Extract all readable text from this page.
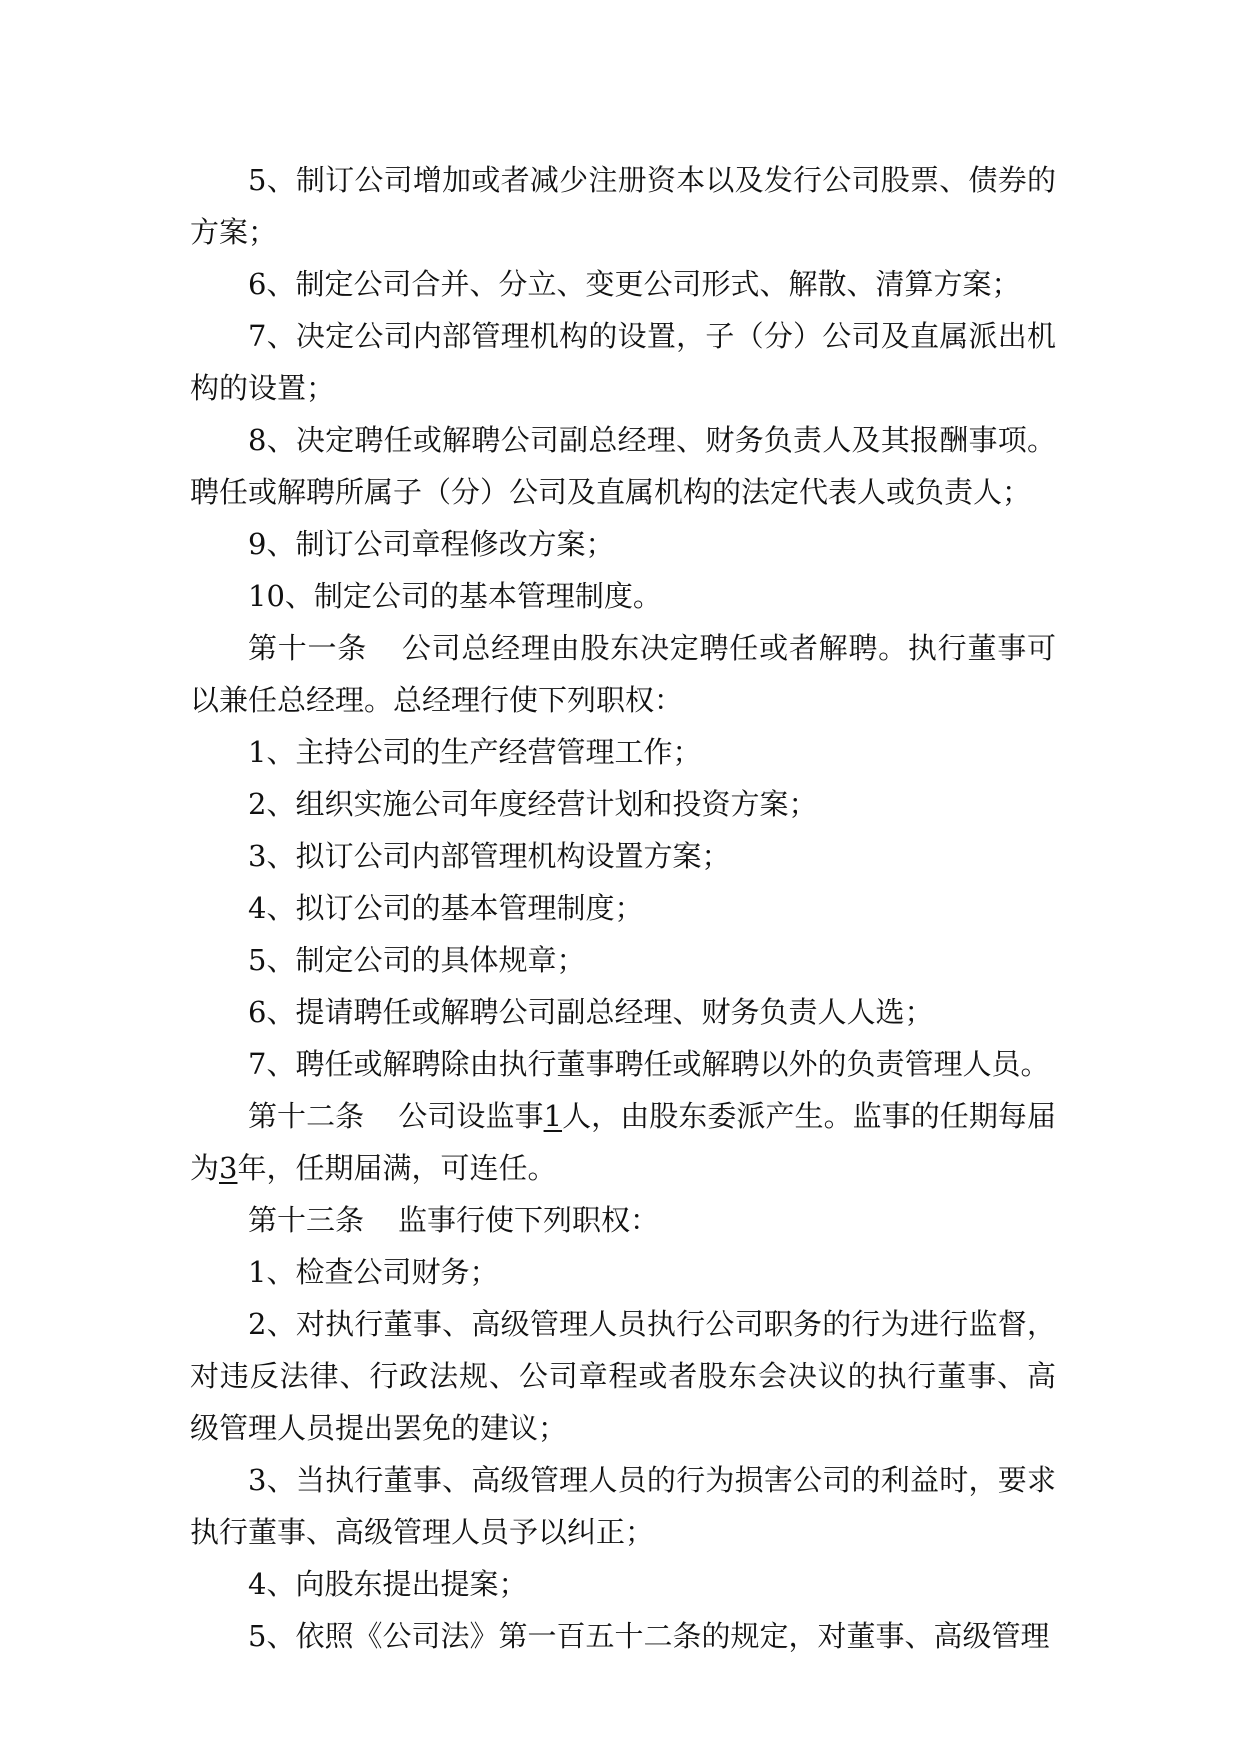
5、制订公司增加或者减少注册资本以及发行公司股票、债券的方案；

6、制定公司合并、分立、变更公司形式、解散、清算方案；

7、决定公司内部管理机构的设置，子（分）公司及直属派出机构的设置；

8、决定聘任或解聘公司副总经理、财务负责人及其报酬事项。聘任或解聘所属子（分）公司及直属机构的法定代表人或负责人；

9、制订公司章程修改方案；

10、制定公司的基本管理制度。

第十一条 公司总经理由股东决定聘任或者解聘。执行董事可以兼任总经理。总经理行使下列职权：

1、主持公司的生产经营管理工作；

2、组织实施公司年度经营计划和投资方案；

3、拟订公司内部管理机构设置方案；

4、拟订公司的基本管理制度；

5、制定公司的具体规章；

6、提请聘任或解聘公司副总经理、财务负责人人选；

7、聘任或解聘除由执行董事聘任或解聘以外的负责管理人员。

第十二条 公司设监事1人，由股东委派产生。监事的任期每届为3年，任期届满，可连任。

第十三条 监事行使下列职权：

1、检查公司财务；

2、对执行董事、高级管理人员执行公司职务的行为进行监督，对违反法律、行政法规、公司章程或者股东会决议的执行董事、高级管理人员提出罢免的建议；

3、当执行董事、高级管理人员的行为损害公司的利益时，要求执行董事、高级管理人员予以纠正；

4、向股东提出提案；

5、依照《公司法》第一百五十二条的规定，对董事、高级管理
